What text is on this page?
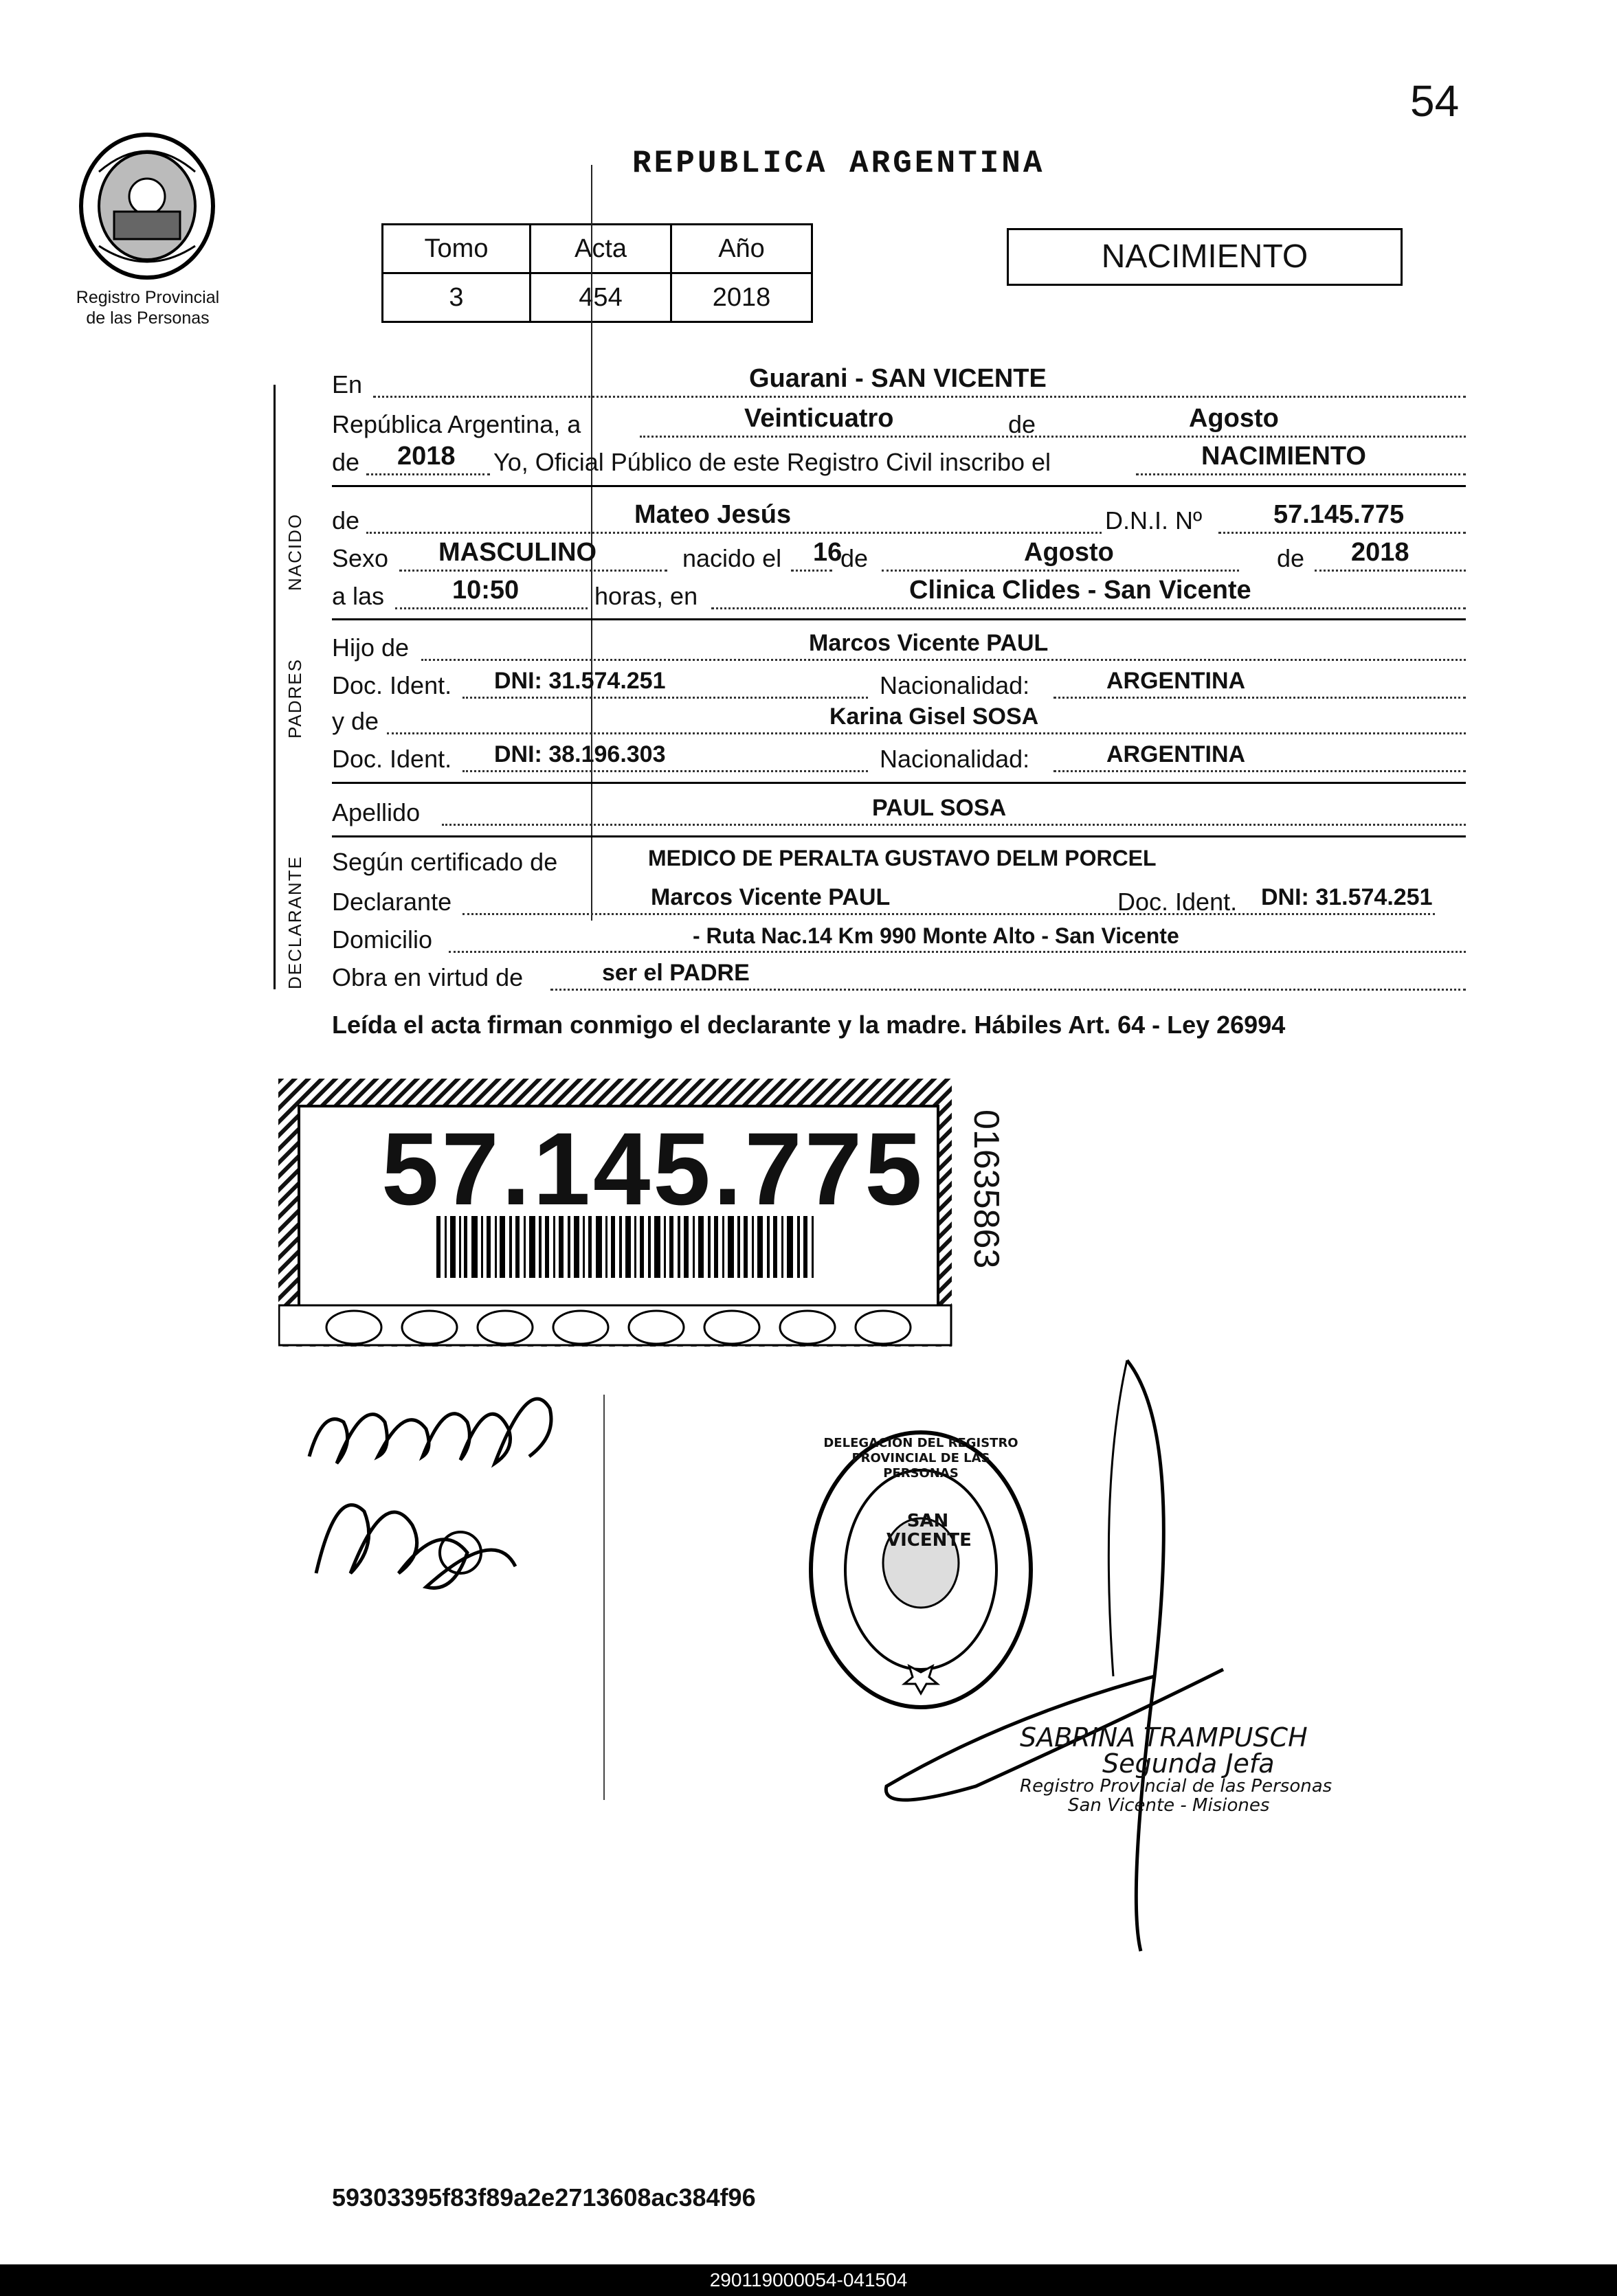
54
REPUBLICA ARGENTINA
Registro Provincial
de las Personas
Tomo	Acta	Año
3	454	2018
NACIMIENTO
NACIDO
PADRES
DECLARANTE
En	Guarani - SAN VICENTE
República Argentina, a	Veinticuatro	de	Agosto
de 2018 Yo, Oficial Público de este Registro Civil inscribo el	NACIMIENTO
de	Mateo Jesús	D.N.I. Nº	57.145.775
Sexo MASCULINO	nacido el 16
de	Agosto	de 2018
a las	10:50	horas, en	Clinica Clides - San Vicente
Hijo de	Marcos Vicente PAUL
Doc. Ident. DNI: 31.574.251	Nacionalidad:	ARGENTINA
y de	Karina Gisel SOSA
Doc. Ident. DNI: 38.196.303	Nacionalidad:	ARGENTINA
Apellido	PAUL SOSA
Según certificado de	MEDICO DE PERALTA GUSTAVO DELM PORCEL
Declarante	Marcos Vicente PAUL	Doc. Ident. DNI: 31.574.251
Domicilio	- Ruta Nac.14 Km 990 Monte Alto - San Vicente
Obra en virtud de	ser el PADRE
Leída el acta firman conmigo el declarante y la madre. Hábiles Art. 64 - Ley 26994
57.145.775 01635863
SAN VICENTE
DELEGACION DEL REGISTRO PROVINCIAL DE LAS PERSONAS
SABRINA TRAMPUSCH
Segunda Jefa
Registro Provincial de las Personas
San Vicente - Misiones
59303395f83f89a2e2713608ac384f96
290119000054-041504
